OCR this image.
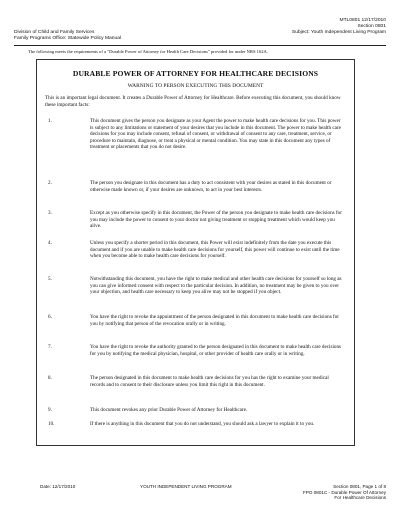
MTL0801 12/17/2010
Section 0801
Subject: Youth Independent Living Program
Division of Child and Family Services
Family Programs Office: Statewide Policy Manual
The following meets the requirements of a "Durable Power of Attorney for Health Care Decisions" provided for under NRS 162A.
DURABLE POWER OF ATTORNEY FOR HEALTHCARE DECISIONS
WARNING TO PERSON EXECUTING THIS DOCUMENT
This is an important legal document. It creates a Durable Power of Attorney for Healthcare. Before executing this document, you should know these important facts:
1.	This document gives the person you designate as your Agent the power to make health care decisions for you. This power is subject to any limitations or statement of your desires that you include in this document. The power to make health care decisions for you may include consent, refusal of consent, or withdrawal of consent to any care, treatment, service, or procedure to maintain, diagnose, or treat a physical or mental condition. You may state in this document any types of treatment or placements that you do not desire.
2.	The person you designate in this document has a duty to act consistent with your desires as stated in this document or otherwise made known or, if your desires are unknown, to act in your best interests.
3.	Except as you otherwise specify in this document, the Power of the person you designate to make health care decisions for you may include the power to consent to your doctor not giving treatment or stopping treatment which would keep you alive.
4.	Unless you specify a shorter period in this document, this Power will exist indefinitely from the date you execute this document and if you are unable to make health care decisions for yourself, this power will continue to exist until the time when you become able to make health care decisions for yourself.
5.	Notwithstanding this document, you have the right to make medical and other health care decisions for yourself so long as you can give informed consent with respect to the particular decision. In addition, no treatment may be given to you over your objection, and health care necessary to keep you alive may not be stopped if you object.
6.	You have the right to revoke the appointment of the person designated in this document to make health care decisions for you by notifying that person of the revocation orally or in writing.
7.	You have the right to revoke the authority granted to the person designated in this document to make health care decisions for you by notifying the medical physician, hospital, or other provider of health care orally or in writing.
8.	The person designated in this document to make health care decisions for you has the right to examine your medical records and to consent to their disclosure unless you limit this right in this document.
9.	This document revokes any prior Durable Power of Attorney for Healthcare.
10.	If there is anything in this document that you do not understand, you should ask a lawyer to explain it to you.
Date: 12/17/2010	YOUTH INDEPENDENT LIVING PROGRAM	Section 0801, Page 1 of 8
FPO 0801C - Durable Power Of Attorney
For Healthcare Decisions
